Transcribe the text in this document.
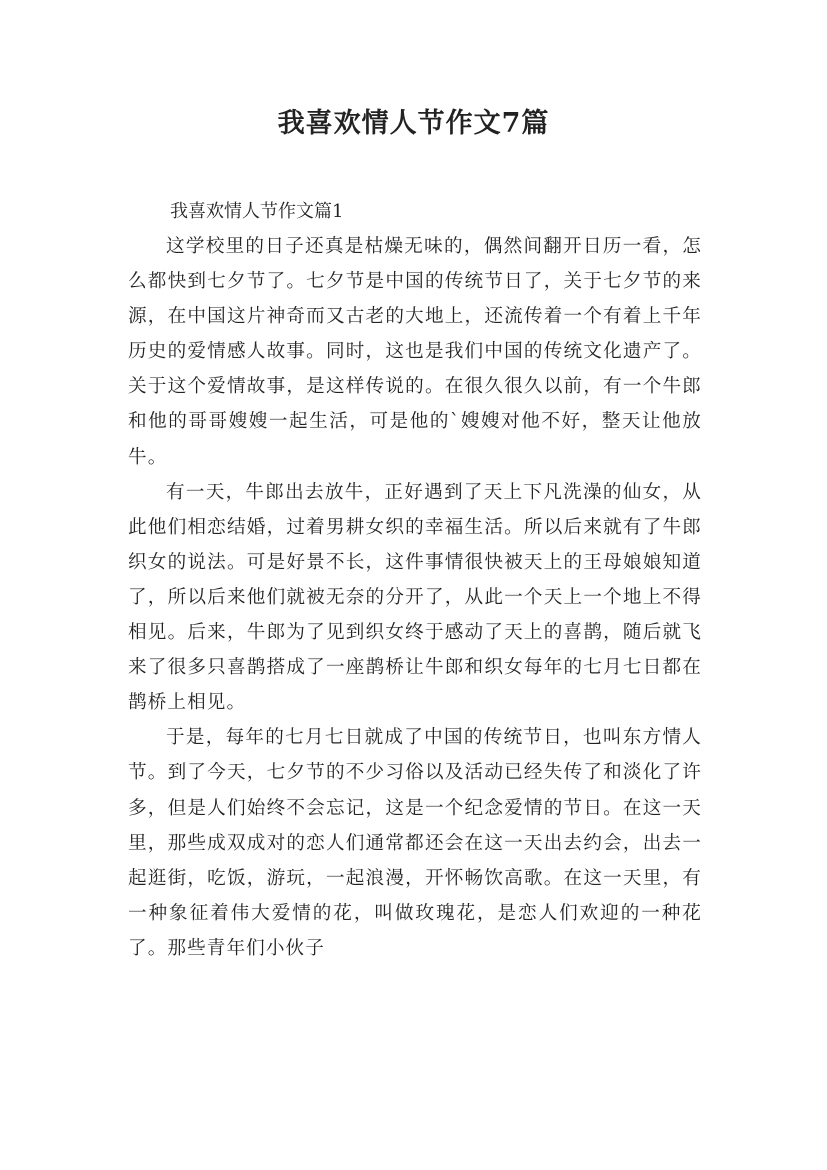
我喜欢情人节作文7篇

我喜欢情人节作文篇1

这学校里的日子还真是枯燥无味的，偶然间翻开日历一看，怎么都快到七夕节了。七夕节是中国的传统节日了，关于七夕节的来源，在中国这片神奇而又古老的大地上，还流传着一个有着上千年历史的爱情感人故事。同时，这也是我们中国的传统文化遗产了。关于这个爱情故事，是这样传说的。在很久很久以前，有一个牛郎和他的哥哥嫂嫂一起生活，可是他的`嫂嫂对他不好，整天让他放牛。

有一天，牛郎出去放牛，正好遇到了天上下凡洗澡的仙女，从此他们相恋结婚，过着男耕女织的幸福生活。所以后来就有了牛郎织女的说法。可是好景不长，这件事情很快被天上的王母娘娘知道了，所以后来他们就被无奈的分开了，从此一个天上一个地上不得相见。后来，牛郎为了见到织女终于感动了天上的喜鹊，随后就飞来了很多只喜鹊搭成了一座鹊桥让牛郎和织女每年的七月七日都在鹊桥上相见。

于是，每年的七月七日就成了中国的传统节日，也叫东方情人节。到了今天，七夕节的不少习俗以及活动已经失传了和淡化了许多，但是人们始终不会忘记，这是一个纪念爱情的节日。在这一天里，那些成双成对的恋人们通常都还会在这一天出去约会，出去一起逛街，吃饭，游玩，一起浪漫，开怀畅饮高歌。在这一天里，有一种象征着伟大爱情的花，叫做玫瑰花，是恋人们欢迎的一种花了。那些青年们小伙子
